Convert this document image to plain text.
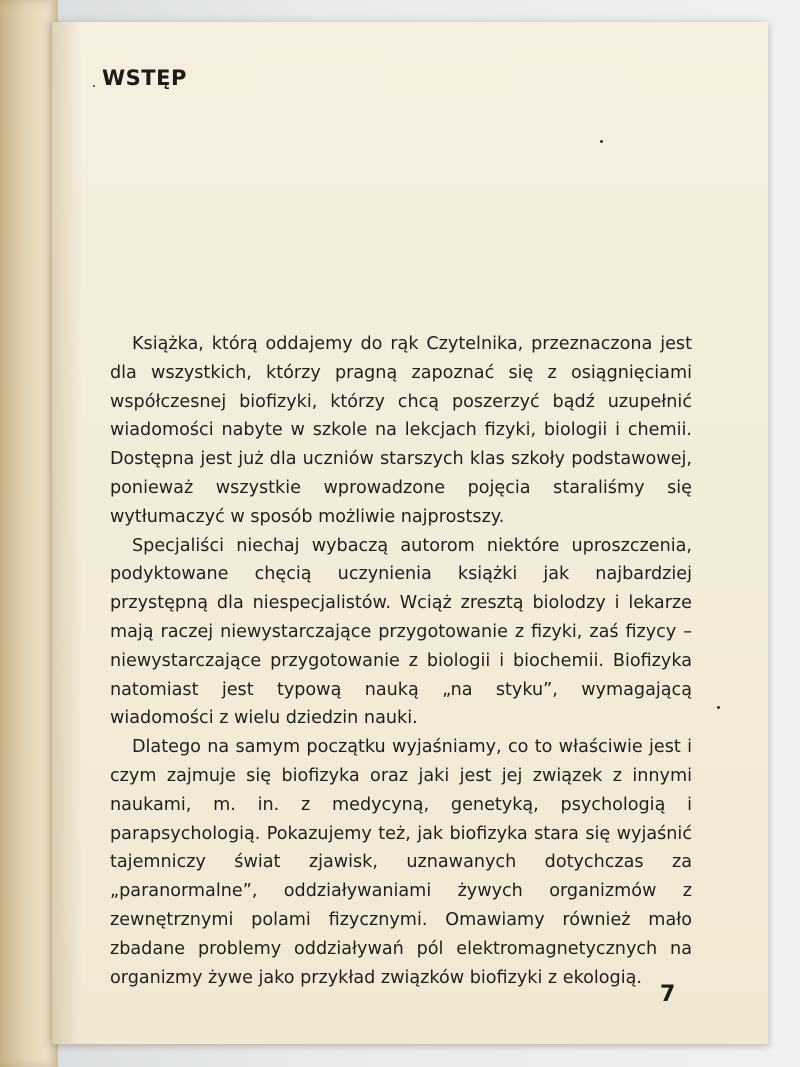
WSTĘP

Książka, którą oddajemy do rąk Czytelnika, przeznaczona jest dla wszystkich, którzy pragną zapoznać się z osiągnięciami współczesnej biofizyki, którzy chcą poszerzyć bądź uzupełnić wiadomości nabyte w szkole na lekcjach fizyki, biologii i chemii. Dostępna jest już dla uczniów starszych klas szkoły podstawowej, ponieważ wszystkie wprowadzone pojęcia staraliśmy się wytłumaczyć w sposób możliwie najprostszy.

Specjaliści niechaj wybaczą autorom niektóre uproszczenia, podyktowane chęcią uczynienia książki jak najbardziej przystępną dla niespecjalistów. Wciąż zresztą biolodzy i lekarze mają raczej niewystarczające przygotowanie z fizyki, zaś fizycy – niewystarczające przygotowanie z biologii i biochemii. Biofizyka natomiast jest typową nauką „na styku”, wymagającą wiadomości z wielu dziedzin nauki.

Dlatego na samym początku wyjaśniamy, co to właściwie jest i czym zajmuje się biofizyka oraz jaki jest jej związek z innymi naukami, m. in. z medycyną, genetyką, psychologią i parapsychologią. Pokazujemy też, jak biofizyka stara się wyjaśnić tajemniczy świat zjawisk, uznawanych dotychczas za „paranormalne”, oddziaływaniami żywych organizmów z zewnętrznymi polami fizycznymi. Omawiamy również mało zbadane problemy oddziaływań pól elektromagnetycznych na organizmy żywe jako przykład związków biofizyki z ekologią.

7
